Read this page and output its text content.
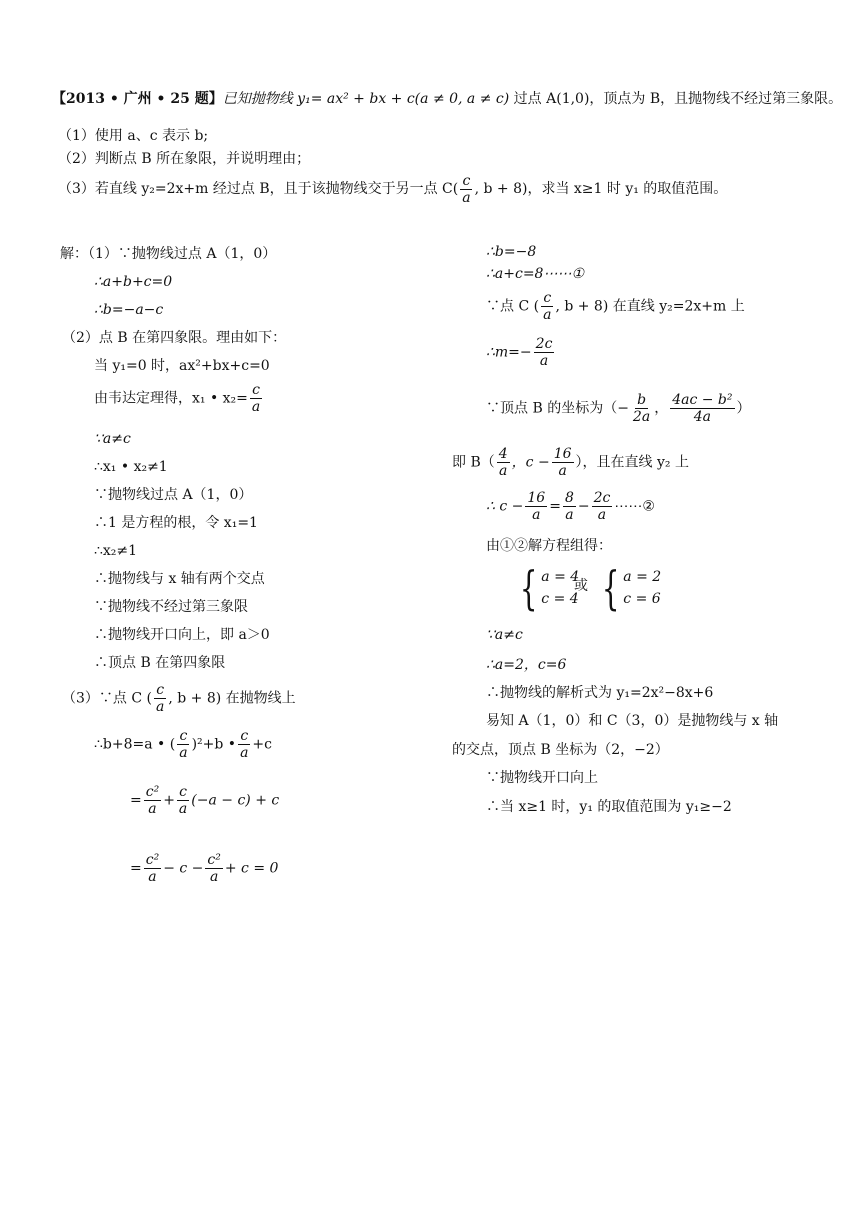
【2013 • 广州 • 25 题】已知抛物线 y₁= ax² + bx + c(a ≠ 0, a ≠ c) 过点 A(1,0)，顶点为 B，且抛物线不经过第三象限。
（1）使用 a、c 表示 b;
（2）判断点 B 所在象限，并说明理由；
（3）若直线 y₂=2x+m 经过点 B，且于该抛物线交于另一点 $C( \frac{c}{a}$ , b + 8)，求当 x≥1 时 y₁ 的取值范围。
解：（1）∵抛物线过点 A（1，0）
∴a+b+c=0
∴b=−a−c
（2）点 B 在第四象限。理由如下：
当 y₁=0 时，ax²+bx+c=0
由韦达定理得，x₁ • $x_2= \frac{c}{a}$
∵a≠c
∴x₁ • x₂≠1
∵抛物线过点 A（1，0）
∴1 是方程的根，令 x₁=1
∴x₂≠1
∴抛物线与 x 轴有两个交点
∵抛物线不经过第三象限
∴抛物线开口向上，即 a＞0
∴顶点 B 在第四象限
（3）∵点 C ( $\frac{c}{a}$ , b + 8) 在抛物线上
∴b+8=a • ( $\frac{c}{a} )^2+b$ • $\frac{c}{a} +c$
= $\frac{\text{c²}}{a} + \frac{c}{a} (-a - c) + c$
= $\frac{\text{c²}}{a} - c - \frac{\text{c²}}{a} + c = 0$
∴b=−8
∴a+c=8⋯⋯①
∵点 C ( $\frac{c}{a}$ , b + 8) 在直线 y₂=2x+m 上
∴m=− $\frac{2c}{a}$
∵顶点 B 的坐标为（− $\frac{b}{2a}$ ， $\frac{\text{4ac − b²}}{4a}$ ）
即 $B( \frac{4}{a}$ ，$c - \frac{16}{a}$ ），且在直线 y₂ 上
∴ $c - \frac{16}{a} = \frac{8}{a} - \frac{2c}{a}$ ⋯⋯②
由①②解方程组得：
{ a = 4
c = 4
或 { a = 2
c = 6
∵a≠c
∴a=2，c=6
∴抛物线的解析式为 y₁=2x²−8x+6
易知 A（1，0）和 C（3，0）是抛物线与 x 轴
的交点，顶点 B 坐标为（2，−2）
∵抛物线开口向上
∴当 x≥1 时，y₁ 的取值范围为 y₁≥−2
